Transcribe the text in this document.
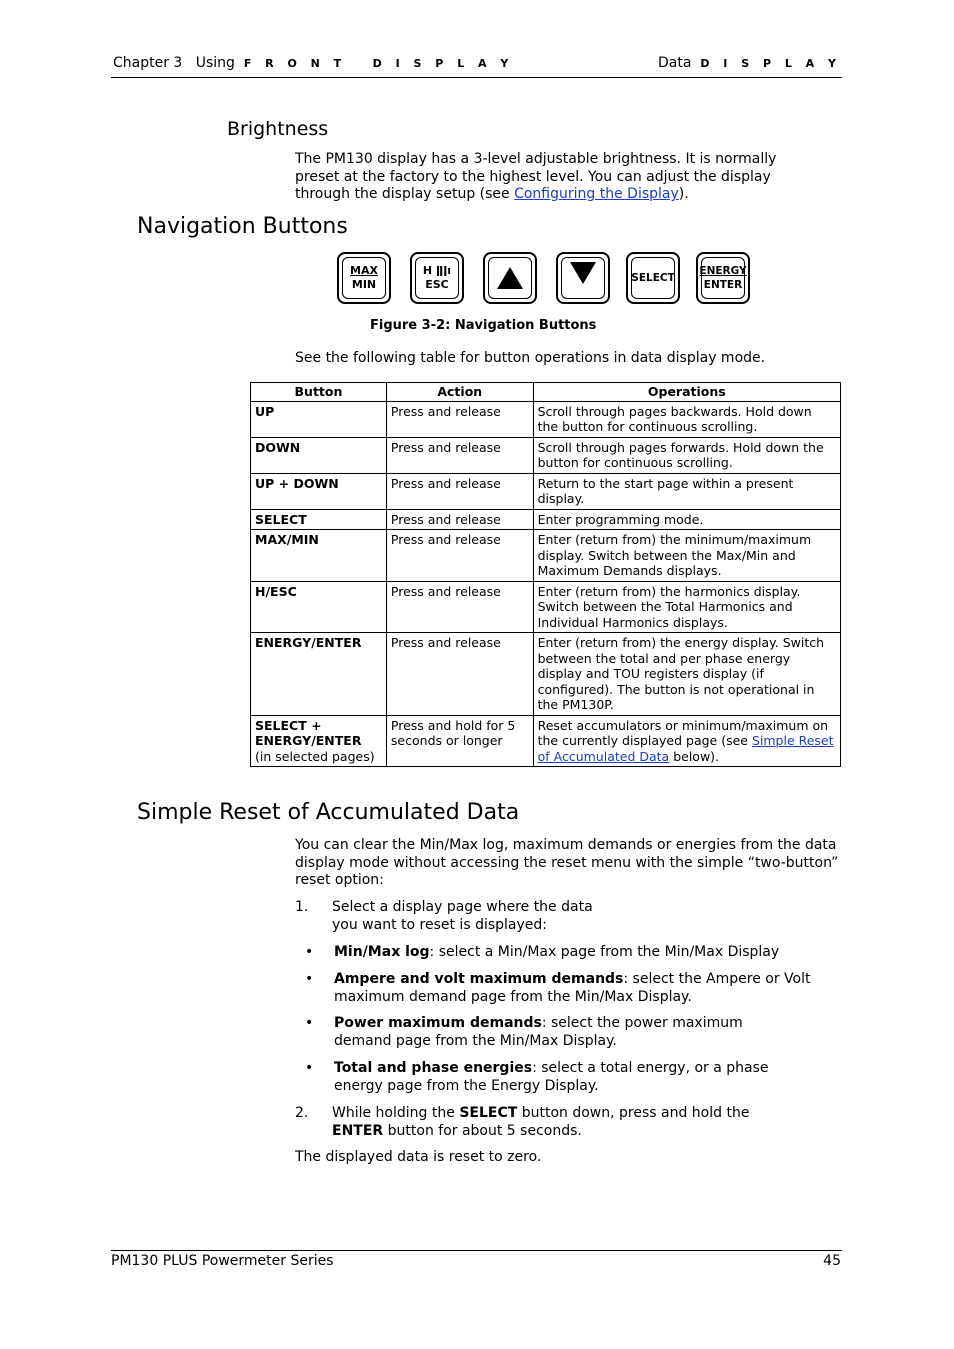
Chapter 3 Using F R O N T   D I S P L A Y	Data D I S P L A Y
Brightness
The PM130 display has a 3-level adjustable brightness. It is normally preset at the factory to the highest level. You can adjust the display through the display setup (see Configuring the Display).
Navigation Buttons
MAX
MIN
H ǁǀı
ESC	SELECT
ENERGY
ENTER
Figure 3-2: Navigation Buttons
See the following table for button operations in data display mode.
Button	Action	Operations
UP	Press and release	Scroll through pages backwards. Hold down the button for continuous scrolling.
DOWN	Press and release	Scroll through pages forwards. Hold down the button for continuous scrolling.
UP + DOWN	Press and release	Return to the start page within a present display.
SELECT	Press and release	Enter programming mode.
MAX/MIN	Press and release	Enter (return from) the minimum/maximum display. Switch between the Max/Min and Maximum Demands displays.
H/ESC	Press and release	Enter (return from) the harmonics display. Switch between the Total Harmonics and Individual Harmonics displays.
ENERGY/ENTER	Press and release	Enter (return from) the energy display. Switch between the total and per phase energy display and TOU registers display (if configured). The button is not operational in the PM130P.
SELECT + ENERGY/ENTER
(in selected pages)	Press and hold for 5 seconds or longer	Reset accumulators or minimum/maximum on the currently displayed page (see Simple Reset of Accumulated Data below).
Simple Reset of Accumulated Data
You can clear the Min/Max log, maximum demands or energies from the data display mode without accessing the reset menu with the simple “two-button” reset option:
1. Select a display page where the data
you want to reset is displayed:
• Min/Max log: select a Min/Max page from the Min/Max Display
• Ampere and volt maximum demands: select the Ampere or Volt maximum demand page from the Min/Max Display.
• Power maximum demands: select the power maximum demand page from the Min/Max Display.
• Total and phase energies: select a total energy, or a phase energy page from the Energy Display.
2. While holding the SELECT button down, press and hold the
ENTER button for about 5 seconds.
The displayed data is reset to zero.
PM130 PLUS Powermeter Series	45
